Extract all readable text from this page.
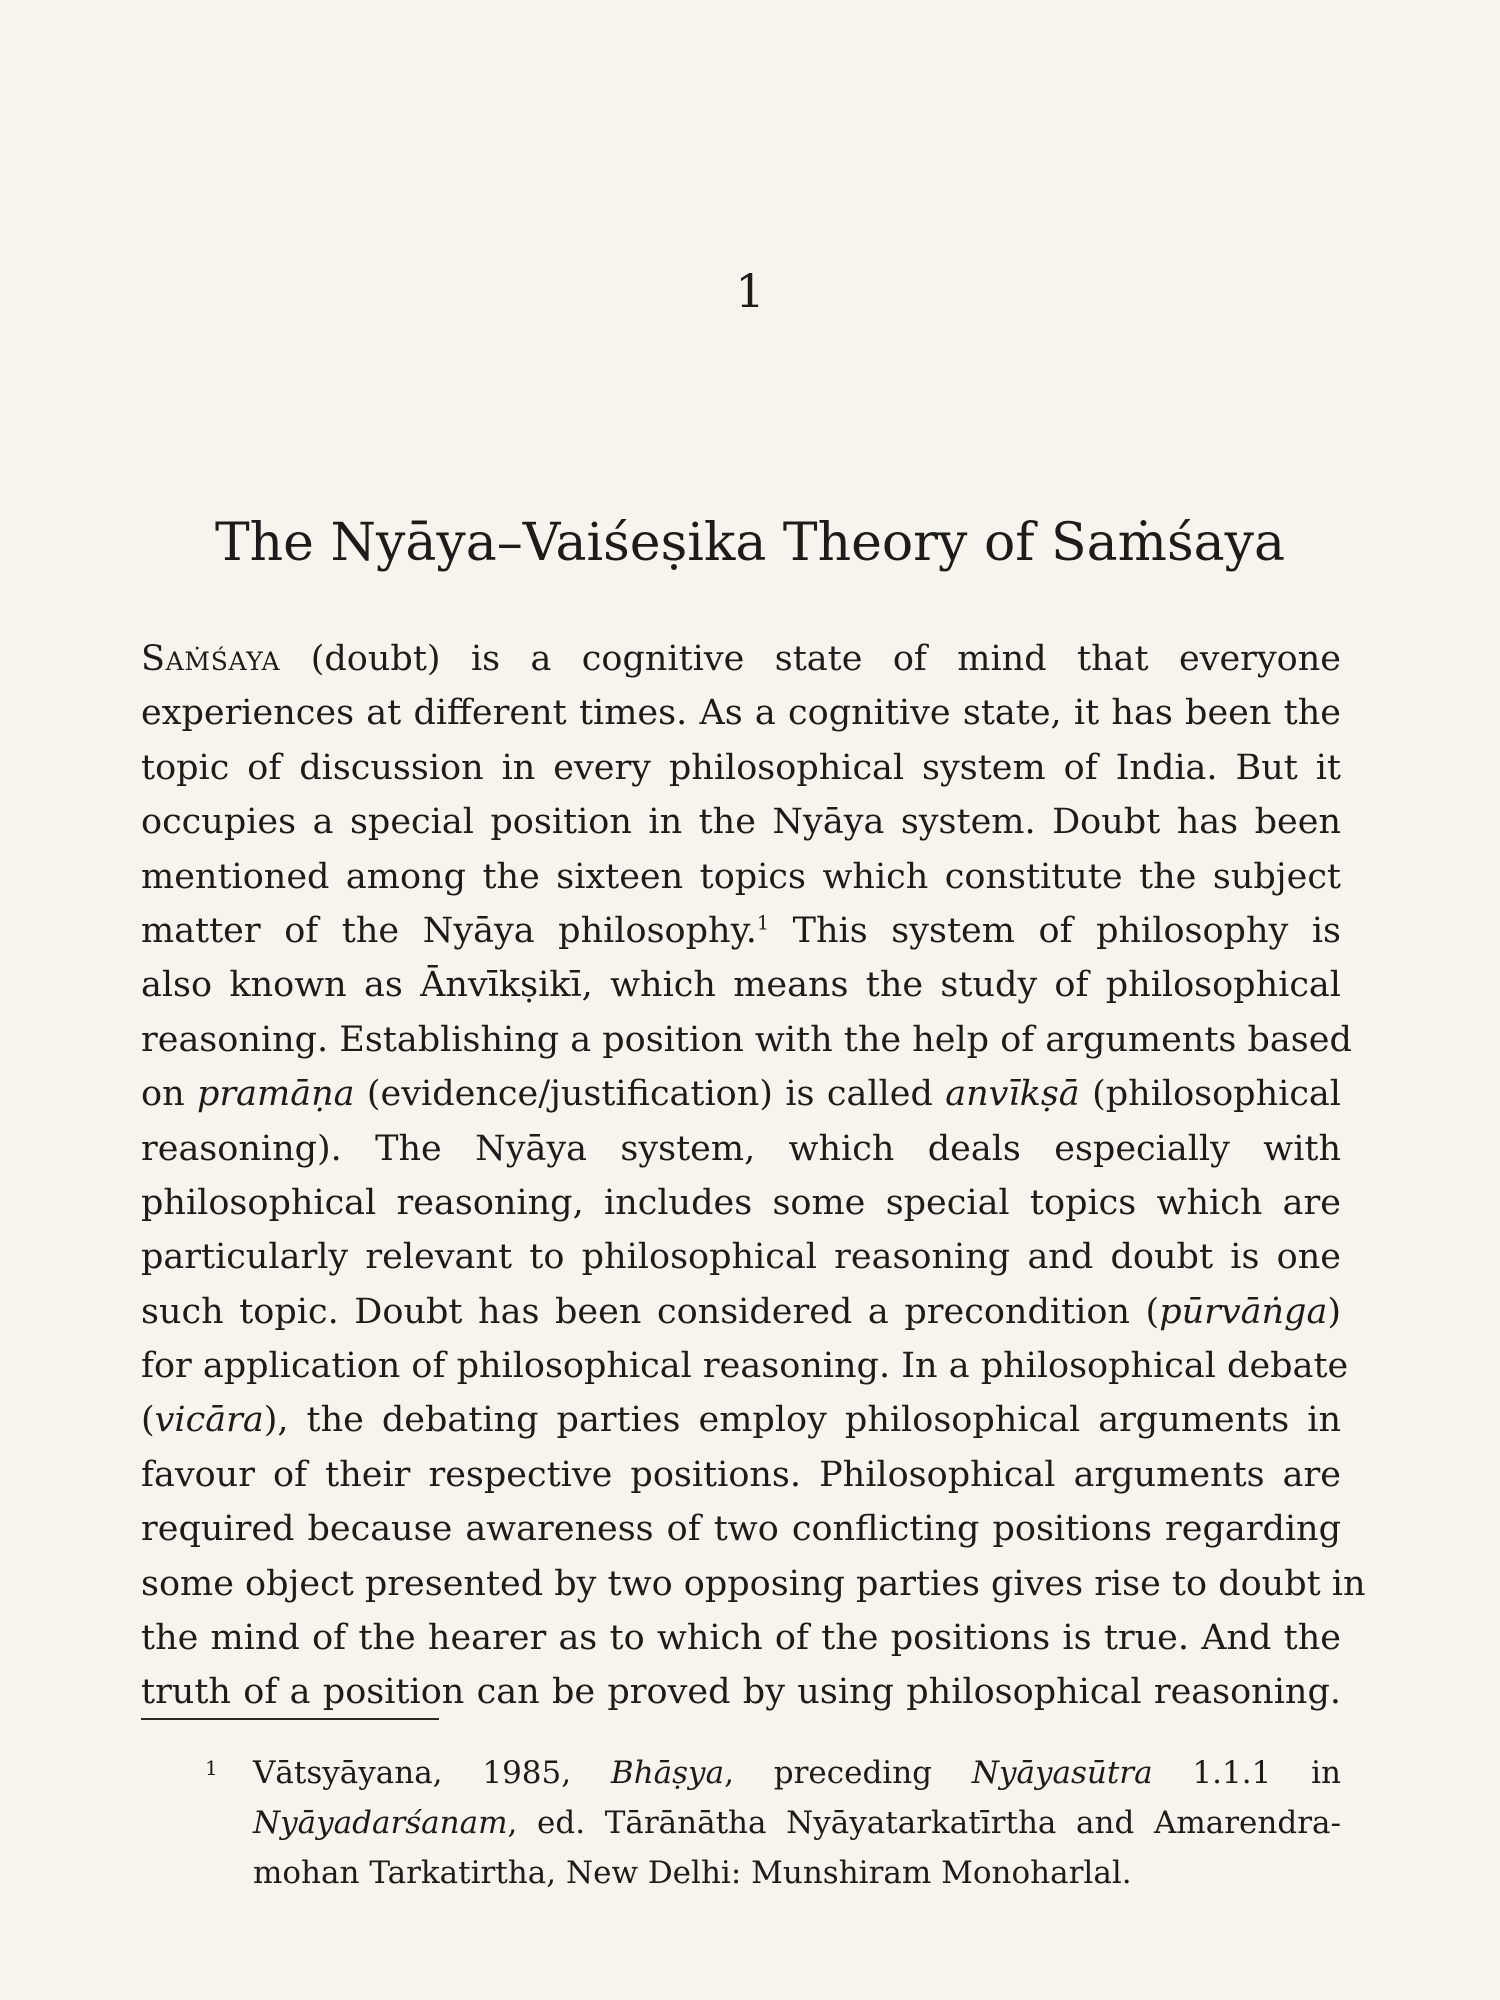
1
The Nyāya–Vaiśeṣika Theory of Saṁśaya
Saṁśaya (doubt) is a cognitive state of mind that everyone
experiences at different times. As a cognitive state, it has been the
topic of discussion in every philosophical system of India. But it
occupies a special position in the Nyāya system. Doubt has been
mentioned among the sixteen topics which constitute the subject
matter of the Nyāya philosophy.$^1$ This system of philosophy is
also known as Ānvīkṣikī, which means the study of philosophical
reasoning. Establishing a position with the help of arguments based
on pramāṇa (evidence/justification) is called anvīkṣā (philosophical
reasoning). The Nyāya system, which deals especially with
philosophical reasoning, includes some special topics which are
particularly relevant to philosophical reasoning and doubt is one
such topic. Doubt has been considered a precondition (pūrvāṅga)
for application of philosophical reasoning. In a philosophical debate
(vicāra), the debating parties employ philosophical arguments in
favour of their respective positions. Philosophical arguments are
required because awareness of two conflicting positions regarding
some object presented by two opposing parties gives rise to doubt in
the mind of the hearer as to which of the positions is true. And the
truth of a position can be proved by using philosophical reasoning.
1 Vātsyāyana, 1985, Bhāṣya, preceding Nyāyasūtra 1.1.1 in
Nyāyadarśanam, ed. Tārānātha Nyāyatarkatīrtha and Amarendra-
mohan Tarkatirtha, New Delhi: Munshiram Monoharlal.
